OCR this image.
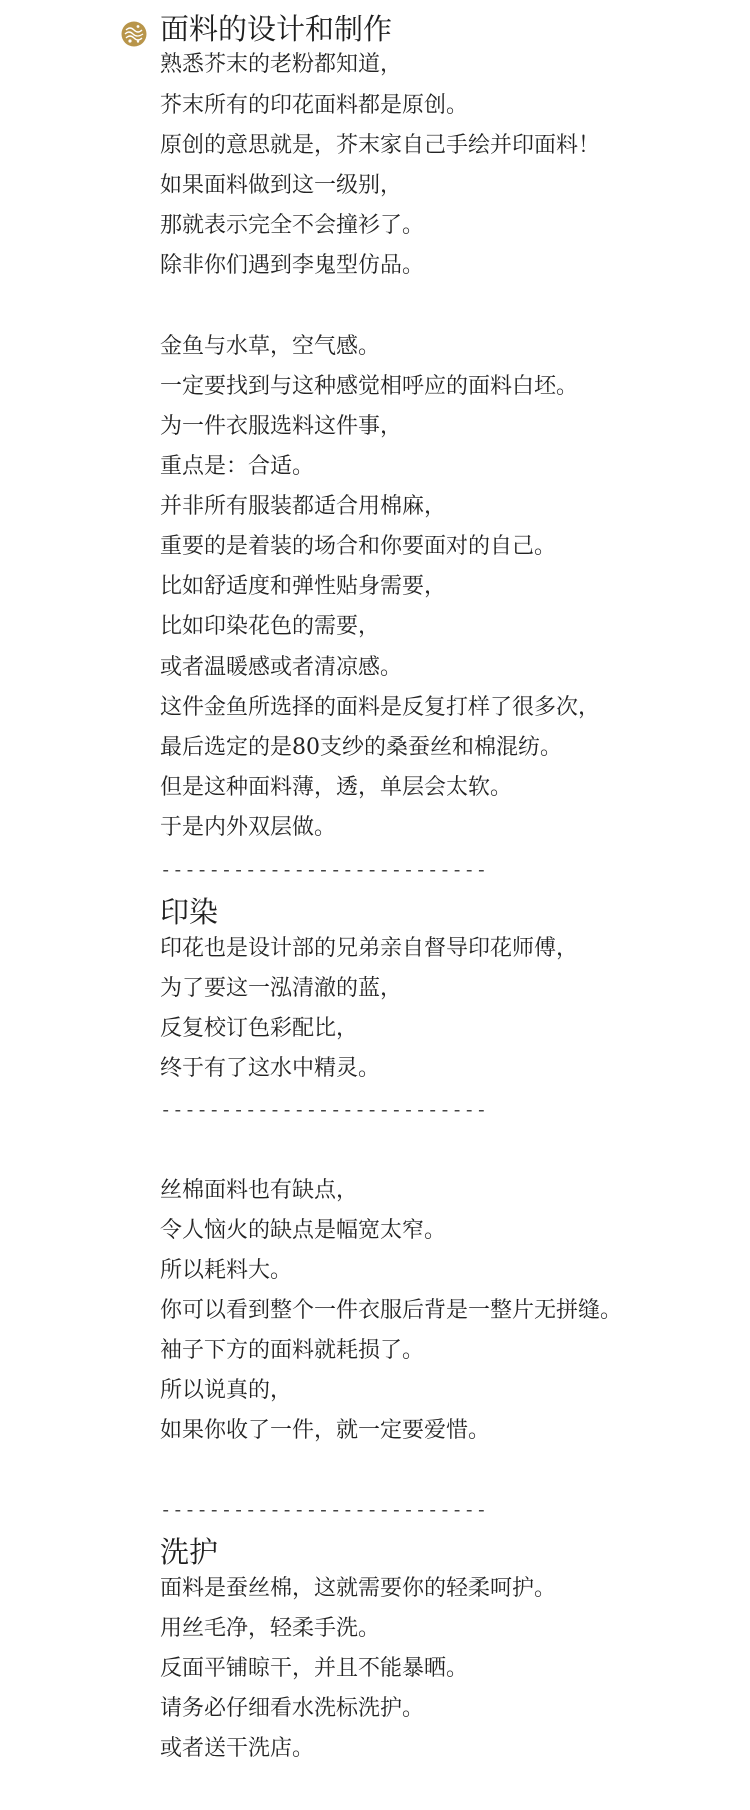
面料的设计和制作
熟悉芥末的老粉都知道，
芥末所有的印花面料都是原创。
原创的意思就是，芥末家自己手绘并印面料！
如果面料做到这一级别，
那就表示完全不会撞衫了。
除非你们遇到李鬼型仿品。
金鱼与水草，空气感。
一定要找到与这种感觉相呼应的面料白坯。
为一件衣服选料这件事，
重点是：合适。
并非所有服装都适合用棉麻，
重要的是着装的场合和你要面对的自己。
比如舒适度和弹性贴身需要，
比如印染花色的需要，
或者温暖感或者清凉感。
这件金鱼所选择的面料是反复打样了很多次，
最后选定的是80支纱的桑蚕丝和棉混纺。
但是这种面料薄，透，单层会太软。
于是内外双层做。
---------------------------
印染
印花也是设计部的兄弟亲自督导印花师傅，
为了要这一泓清澈的蓝，
反复校订色彩配比，
终于有了这水中精灵。
---------------------------
丝棉面料也有缺点，
令人恼火的缺点是幅宽太窄。
所以耗料大。
你可以看到整个一件衣服后背是一整片无拼缝。
袖子下方的面料就耗损了。
所以说真的，
如果你收了一件，就一定要爱惜。
---------------------------
洗护
面料是蚕丝棉，这就需要你的轻柔呵护。
用丝毛净，轻柔手洗。
反面平铺晾干，并且不能暴晒。
请务必仔细看水洗标洗护。
或者送干洗店。
